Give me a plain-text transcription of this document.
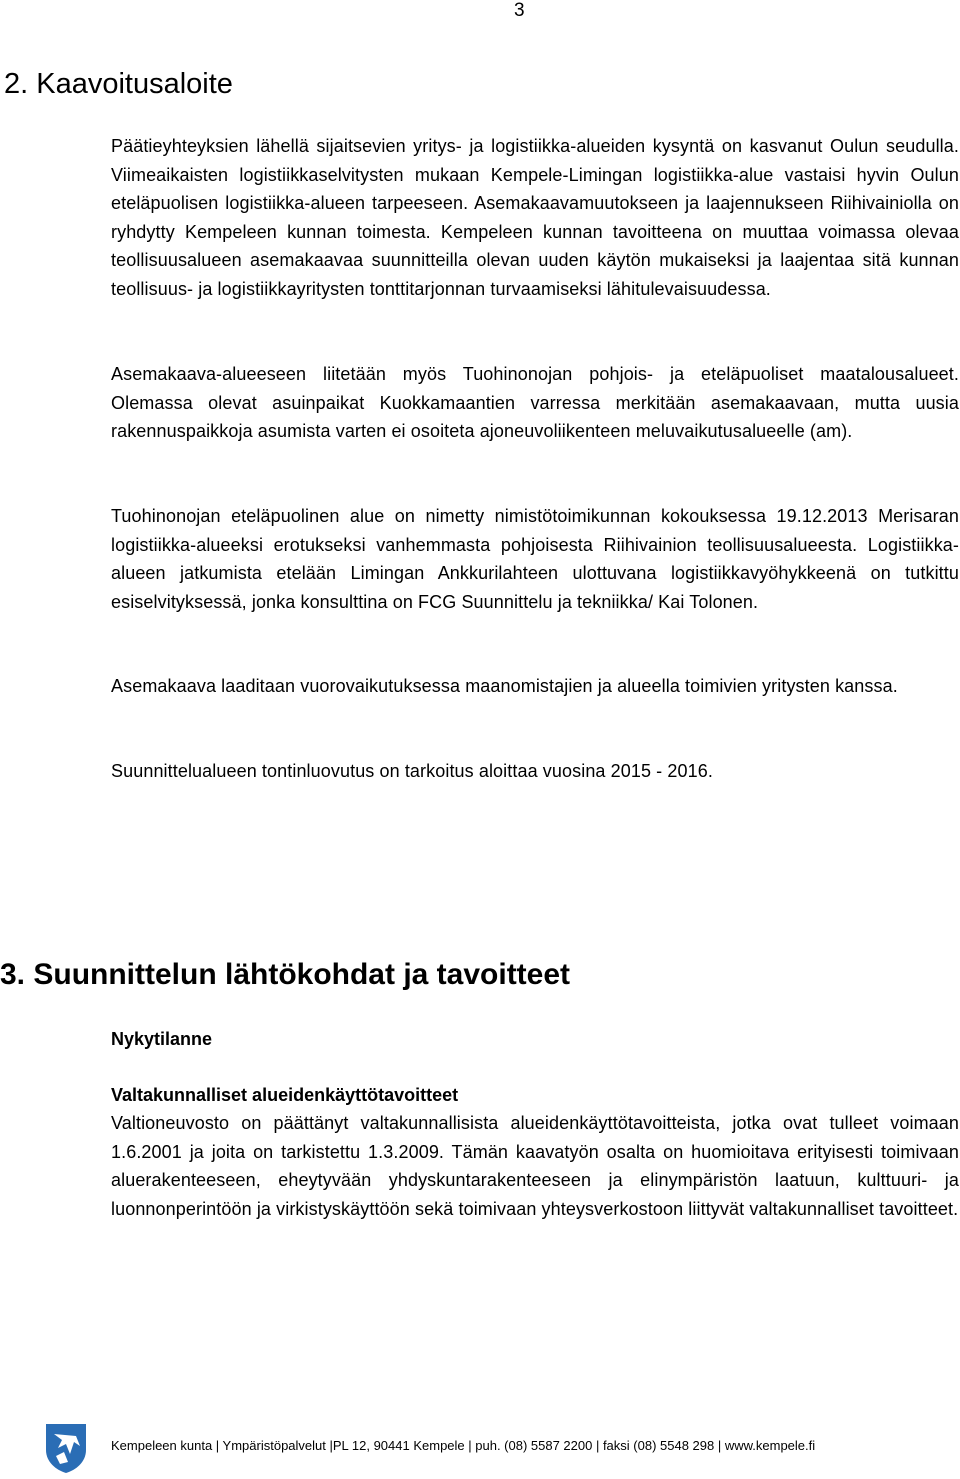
3
2. Kaavoitusaloite

Päätieyhteyksien lähellä sijaitsevien yritys- ja logistiikka-alueiden kysyntä on kasvanut Oulun seudulla. Viimeaikaisten logistiikkaselvitysten mukaan Kempele-Limingan logistiikka-alue vastaisi hyvin Oulun eteläpuolisen logistiikka-alueen tarpeeseen. Asemakaavamuutokseen ja laajennukseen Riihivainiolla on ryhdytty Kempeleen kunnan toimesta. Kempeleen kunnan tavoitteena on muuttaa voimassa olevaa teollisuusalueen asemakaavaa suunnitteilla olevan uuden käytön mukaiseksi ja laajentaa sitä kunnan teollisuus- ja logistiikkayritysten tonttitarjonnan turvaamiseksi lähitulevaisuudessa.

Asemakaava-alueeseen liitetään myös Tuohinonojan pohjois- ja eteläpuoliset maatalousalueet. Olemassa olevat asuinpaikat Kuokkamaantien varressa merkitään asemakaavaan, mutta uusia rakennuspaikkoja asumista varten ei osoiteta ajoneuvoliikenteen meluvaikutusalueelle (am).

Tuohinonojan eteläpuolinen alue on nimetty nimistötoimikunnan kokouksessa 19.12.2013 Merisaran logistiikka-alueeksi erotukseksi vanhemmasta pohjoisesta Riihivainion teollisuusalueesta. Logistiikka-alueen jatkumista etelään Limingan Ankkurilahteen ulottuvana logistiikkavyöhykkeenä on tutkittu esiselvityksessä, jonka konsulttina on FCG Suunnittelu ja tekniikka/ Kai Tolonen.

Asemakaava laaditaan vuorovaikutuksessa maanomistajien ja alueella toimivien yritysten kanssa.

Suunnittelualueen tontinluovutus on tarkoitus aloittaa vuosina 2015 - 2016.

3. Suunnittelun lähtökohdat ja tavoitteet
Nykytilanne
Valtakunnalliset alueidenkäyttötavoitteet

Valtioneuvosto on päättänyt valtakunnallisista alueidenkäyttötavoitteista, jotka ovat tulleet voimaan 1.6.2001 ja joita on tarkistettu 1.3.2009. Tämän kaavatyön osalta on huomioitava erityisesti toimivaan aluerakenteeseen, eheytyvään yhdyskuntarakenteeseen ja elinympäristön laatuun, kulttuuri- ja luonnonperintöön ja virkistyskäyttöön sekä toimivaan yhteysverkostoon liittyvät valtakunnalliset tavoitteet.

Kempeleen kunta | Ympäristöpalvelut |PL 12, 90441 Kempele | puh. (08) 5587 2200 | faksi (08) 5548 298 | www.kempele.fi
